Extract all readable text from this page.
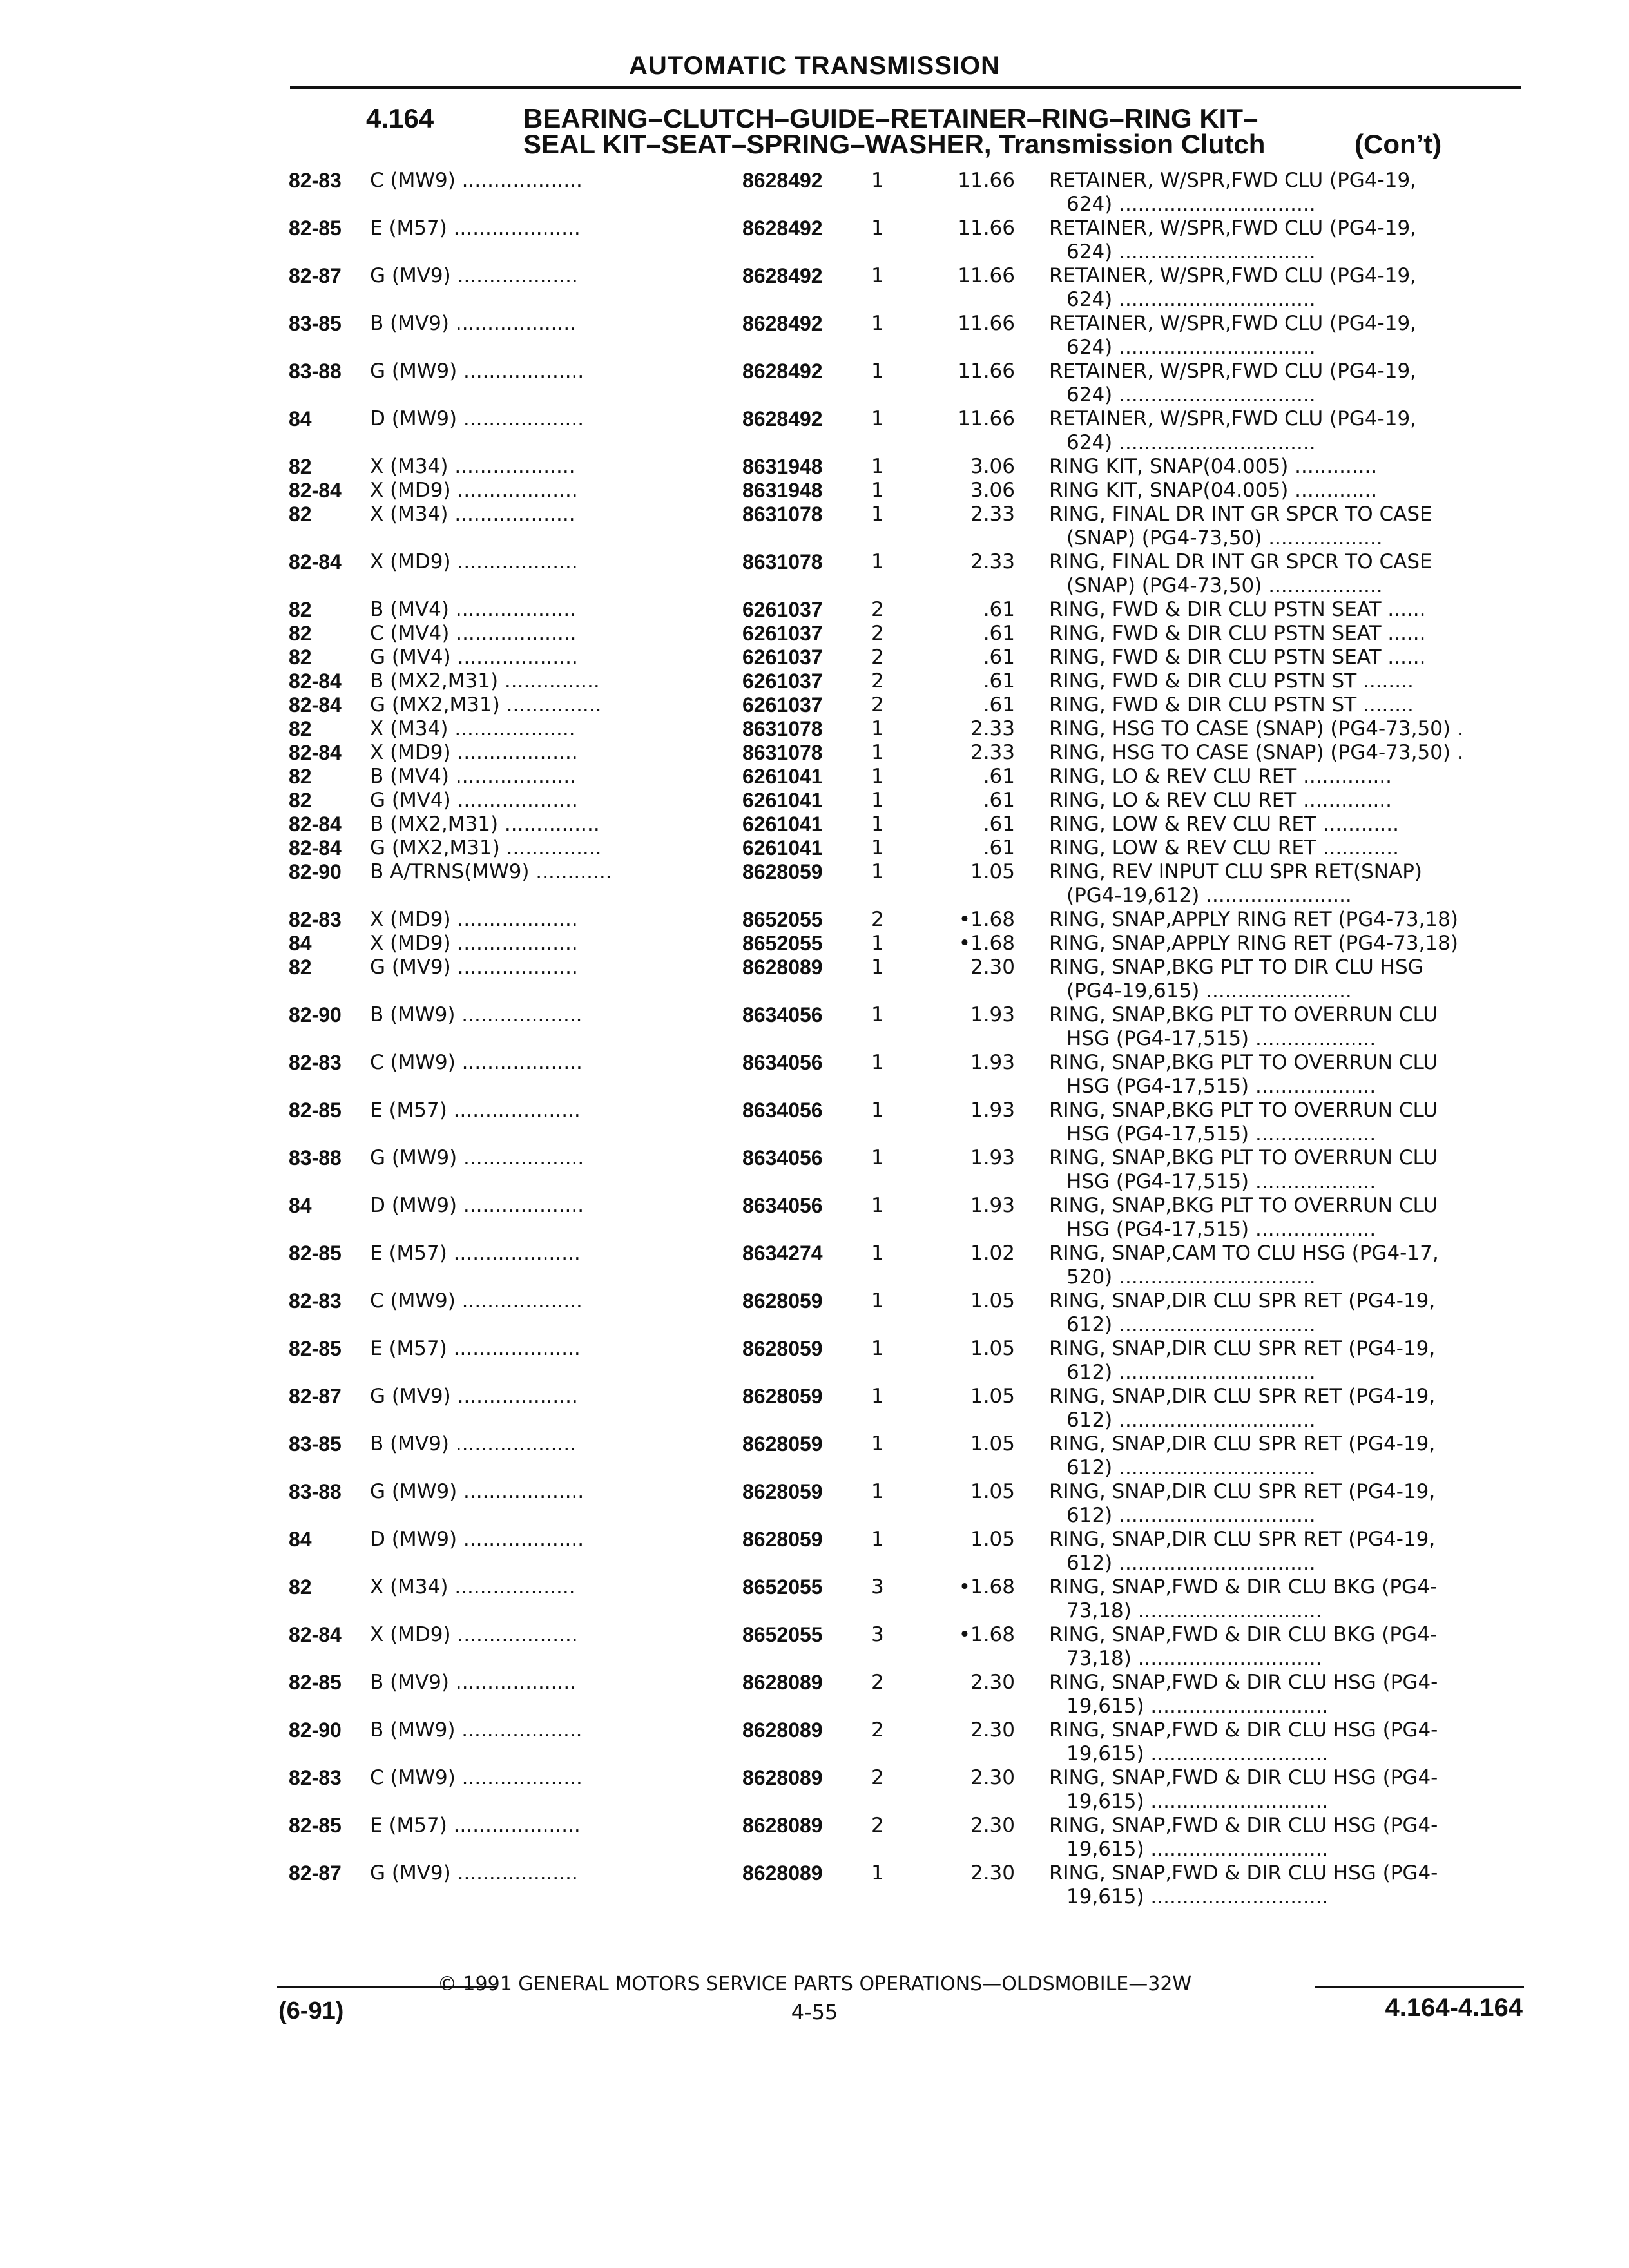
AUTOMATIC TRANSMISSION
4.164	BEARING–CLUTCH–GUIDE–RETAINER–RING–RING KIT–
SEAL KIT–SEAT–SPRING–WASHER, Transmission Clutch	(Con’t)
82-83 C (MW9) ...................	8628492 1	11.66 RETAINER, W/SPR,FWD CLU (PG4-19,
624) ...............................
82-85 E (M57) ....................	8628492 1	11.66 RETAINER, W/SPR,FWD CLU (PG4-19,
624) ...............................
82-87 G (MV9) ...................	8628492 1	11.66 RETAINER, W/SPR,FWD CLU (PG4-19,
624) ...............................
83-85 B (MV9) ...................	8628492 1	11.66 RETAINER, W/SPR,FWD CLU (PG4-19,
624) ...............................
83-88 G (MW9) ...................	8628492 1	11.66 RETAINER, W/SPR,FWD CLU (PG4-19,
624) ...............................
84	D (MW9) ...................	8628492 1	11.66 RETAINER, W/SPR,FWD CLU (PG4-19,
624) ...............................
82	X (M34) ...................	8631948 1	3.06 RING KIT, SNAP(04.005) .............
82-84 X (MD9) ...................	8631948 1	3.06 RING KIT, SNAP(04.005) .............
82	X (M34) ...................	8631078 1	2.33 RING, FINAL DR INT GR SPCR TO CASE
(SNAP) (PG4-73,50) ..................
82-84 X (MD9) ...................	8631078 1	2.33 RING, FINAL DR INT GR SPCR TO CASE
(SNAP) (PG4-73,50) ..................
82	B (MV4) ...................	6261037 2	.61 RING, FWD & DIR CLU PSTN SEAT ......
82	C (MV4) ...................	6261037 2	.61 RING, FWD & DIR CLU PSTN SEAT ......
82	G (MV4) ...................	6261037 2	.61 RING, FWD & DIR CLU PSTN SEAT ......
82-84 B (MX2,M31) ...............	6261037 2	.61 RING, FWD & DIR CLU PSTN ST ........
82-84 G (MX2,M31) ...............	6261037 2	.61 RING, FWD & DIR CLU PSTN ST ........
82	X (M34) ...................	8631078 1	2.33 RING, HSG TO CASE (SNAP) (PG4-73,50) .
82-84 X (MD9) ...................	8631078 1	2.33 RING, HSG TO CASE (SNAP) (PG4-73,50) .
82	B (MV4) ...................	6261041 1	.61 RING, LO & REV CLU RET ..............
82	G (MV4) ...................	6261041 1	.61 RING, LO & REV CLU RET ..............
82-84 B (MX2,M31) ...............	6261041 1	.61 RING, LOW & REV CLU RET ............
82-84 G (MX2,M31) ...............	6261041 1	.61 RING, LOW & REV CLU RET ............
82-90 B A/TRNS(MW9) ............	8628059 1	1.05 RING, REV INPUT CLU SPR RET(SNAP)
(PG4-19,612) .......................
82-83 X (MD9) ...................	8652055 2	•1.68 RING, SNAP,APPLY RING RET (PG4-73,18)
84	X (MD9) ...................	8652055 1	•1.68 RING, SNAP,APPLY RING RET (PG4-73,18)
82	G (MV9) ...................	8628089 1	2.30 RING, SNAP,BKG PLT TO DIR CLU HSG
(PG4-19,615) .......................
82-90 B (MW9) ...................	8634056 1	1.93 RING, SNAP,BKG PLT TO OVERRUN CLU
HSG (PG4-17,515) ...................
82-83 C (MW9) ...................	8634056 1	1.93 RING, SNAP,BKG PLT TO OVERRUN CLU
HSG (PG4-17,515) ...................
82-85 E (M57) ....................	8634056 1	1.93 RING, SNAP,BKG PLT TO OVERRUN CLU
HSG (PG4-17,515) ...................
83-88 G (MW9) ...................	8634056 1	1.93 RING, SNAP,BKG PLT TO OVERRUN CLU
HSG (PG4-17,515) ...................
84	D (MW9) ...................	8634056 1	1.93 RING, SNAP,BKG PLT TO OVERRUN CLU
HSG (PG4-17,515) ...................
82-85 E (M57) ....................	8634274 1	1.02 RING, SNAP,CAM TO CLU HSG (PG4-17,
520) ...............................
82-83 C (MW9) ...................	8628059 1	1.05 RING, SNAP,DIR CLU SPR RET (PG4-19,
612) ...............................
82-85 E (M57) ....................	8628059 1	1.05 RING, SNAP,DIR CLU SPR RET (PG4-19,
612) ...............................
82-87 G (MV9) ...................	8628059 1	1.05 RING, SNAP,DIR CLU SPR RET (PG4-19,
612) ...............................
83-85 B (MV9) ...................	8628059 1	1.05 RING, SNAP,DIR CLU SPR RET (PG4-19,
612) ...............................
83-88 G (MW9) ...................	8628059 1	1.05 RING, SNAP,DIR CLU SPR RET (PG4-19,
612) ...............................
84	D (MW9) ...................	8628059 1	1.05 RING, SNAP,DIR CLU SPR RET (PG4-19,
612) ...............................
82	X (M34) ...................	8652055 3	•1.68 RING, SNAP,FWD & DIR CLU BKG (PG4-
73,18) .............................
82-84 X (MD9) ...................	8652055 3	•1.68 RING, SNAP,FWD & DIR CLU BKG (PG4-
73,18) .............................
82-85 B (MV9) ...................	8628089 2	2.30 RING, SNAP,FWD & DIR CLU HSG (PG4-
19,615) ............................
82-90 B (MW9) ...................	8628089 2	2.30 RING, SNAP,FWD & DIR CLU HSG (PG4-
19,615) ............................
82-83 C (MW9) ...................	8628089 2	2.30 RING, SNAP,FWD & DIR CLU HSG (PG4-
19,615) ............................
82-85 E (M57) ....................	8628089 2	2.30 RING, SNAP,FWD & DIR CLU HSG (PG4-
19,615) ............................
82-87 G (MV9) ...................	8628089 1	2.30 RING, SNAP,FWD & DIR CLU HSG (PG4-
19,615) ............................
© 1991 GENERAL MOTORS SERVICE PARTS OPERATIONS—OLDSMOBILE—32W
(6-91)	4-55	4.164-4.164
